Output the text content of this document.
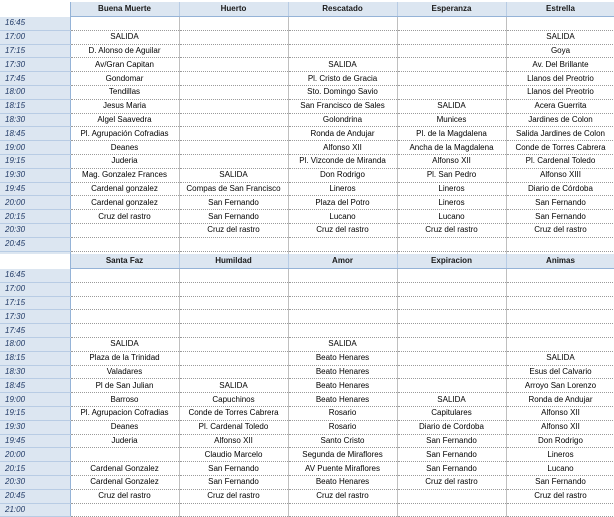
	Buena Muerte	Huerto	Rescatado	Esperanza	Estrella
16:45					
17:00	SALIDA				SALIDA
17:15	D. Alonso de Aguilar				Goya
17:30	Av/Gran Capitan		SALIDA		Av. Del Brillante
17:45	Gondomar		Pl. Cristo de Gracia		Llanos del Preotrio
18:00	Tendillas		Sto. Domingo Savio		Llanos del Preotrio
18:15	Jesus Maria		San Francisco de Sales	SALIDA	Acera Guerrita
18:30	Algel Saavedra		Golondrina	Munices	Jardines de Colon
18:45	Pl. Agrupación Cofradias		Ronda de Andujar	Pl. de la Magdalena	Salida Jardines de Colon
19:00	Deanes		Alfonso XII	Ancha de la Magdalena	Conde de Torres Cabrera
19:15	Juderia		Pl. Vizconde de Miranda	Alfonso XII	Pl. Cardenal Toledo
19:30	Mag. Gonzalez Frances	SALIDA	Don Rodrigo	Pl. San Pedro	Alfonso XIII
19:45	Cardenal gonzalez	Compas de San Francisco	Lineros	Lineros	Diario de Córdoba
20:00	Cardenal gonzalez	San Fernando	Plaza del Potro	Lineros	San Fernando
20:15	Cruz del rastro	San Fernando	Lucano	Lucano	San Fernando
20:30		Cruz del rastro	Cruz del rastro	Cruz del rastro	Cruz del rastro
20:45					

	Santa Faz	Humildad	Amor	Expiracion	Animas
16:45					
17:00					
17:15					
17:30					
17:45					
18:00	SALIDA		SALIDA		
18:15	Plaza de la Trinidad		Beato Henares		SALIDA
18:30	Valadares		Beato Henares		Esus del Calvario
18:45	Pl de San Julian	SALIDA	Beato Henares		Arroyo San Lorenzo
19:00	Barroso	Capuchinos	Beato Henares	SALIDA	Ronda de Andujar
19:15	Pl. Agrupacion Cofradias	Conde de Torres Cabrera	Rosario	Capitulares	Alfonso XII
19:30	Deanes	Pl. Cardenal Toledo	Rosario	Diario de Cordoba	Alfonso XII
19:45	Juderia	Alfonso XII	Santo Cristo	San Fernando	Don Rodrigo
20:00		Claudio Marcelo	Segunda de Miraflores	San Fernando	Lineros
20:15	Cardenal Gonzalez	San Fernando	AV Puente Miraflores	San Fernando	Lucano
20:30	Cardenal Gonzalez	San Fernando	Beato Henares	Cruz del rastro	San Fernando
20:45	Cruz del rastro	Cruz del rastro	Cruz del rastro		Cruz del rastro
21:00					
